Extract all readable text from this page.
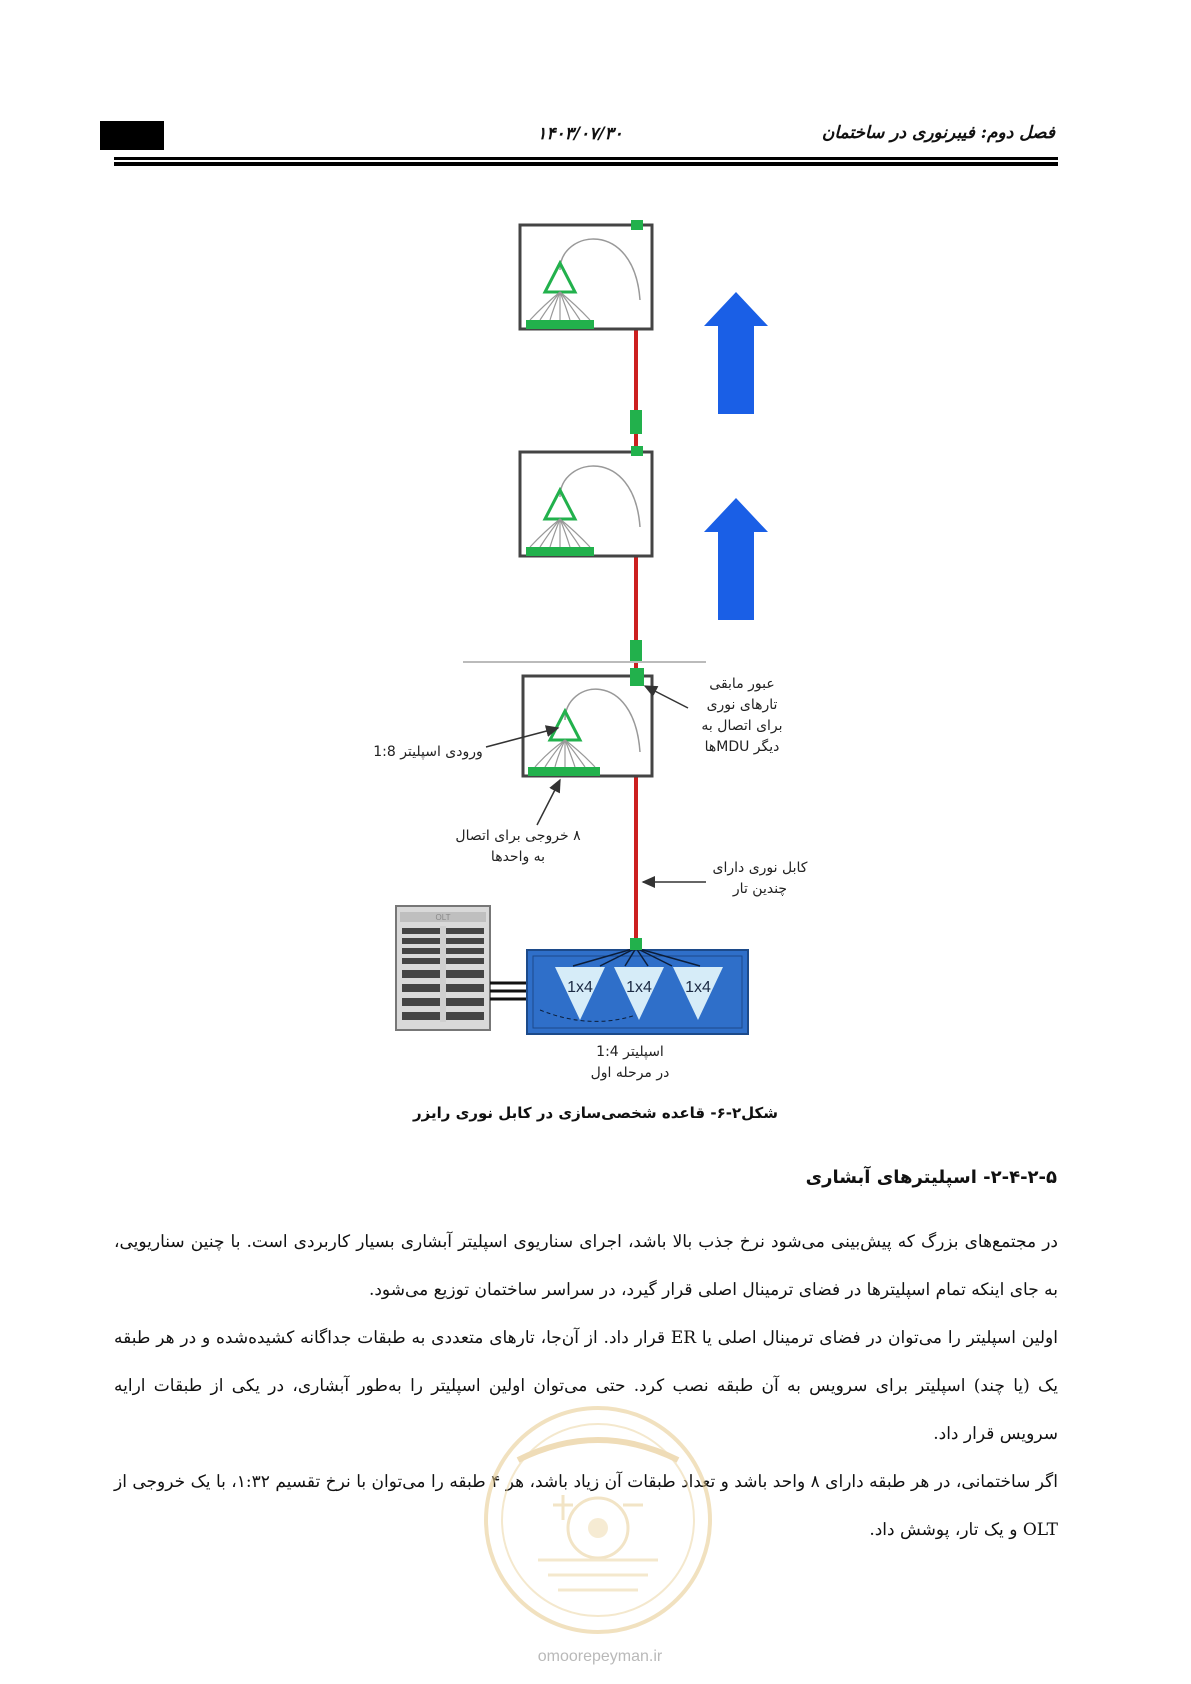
۱۴۰۳/۰۷/۳۰	فصل دوم: فیبرنوری در ساختمان
OLT
1x4 1x4 1x4
عبور مابقی تارهای نوری برای اتصال به دیگر MDUها
ورودی اسپلیتر 1:8
۸ خروجی برای اتصال به واحدها
کابل نوری دارای چندین تار
اسپلیتر 1:4
در مرحله اول
شکل۲-۶- قاعده شخصی‌سازی در کابل نوری رایزر
۲-۴-۲-۵- اسپلیترهای آبشاری

در مجتمع‌های بزرگ که پیش‌بینی می‌شود نرخ جذب بالا باشد، اجرای سناریوی اسپلیتر آبشاری بسیار کاربردی است. با چنین سناریویی، به جای اینکه تمام اسپلیترها در فضای ترمینال اصلی قرار گیرد، در سراسر ساختمان توزیع می‌شود.

اولین اسپلیتر را می‌توان در فضای ترمینال اصلی یا ER قرار داد. از آن‌جا، تارهای متعددی به طبقات جداگانه کشیده‌شده و در هر طبقه یک (یا چند) اسپلیتر برای سرویس به آن طبقه نصب کرد. حتی می‌توان اولین اسپلیتر را به‌طور آبشاری، در یکی از طبقات ارایه سرویس قرار داد.

اگر ساختمانی، در هر طبقه دارای ۸ واحد باشد و تعداد طبقات آن زیاد باشد، هر ۴ طبقه را می‌توان با نرخ تقسیم ۱:۳۲، با یک خروجی از OLT و یک تار، پوشش داد.

omoorepeyman.ir
